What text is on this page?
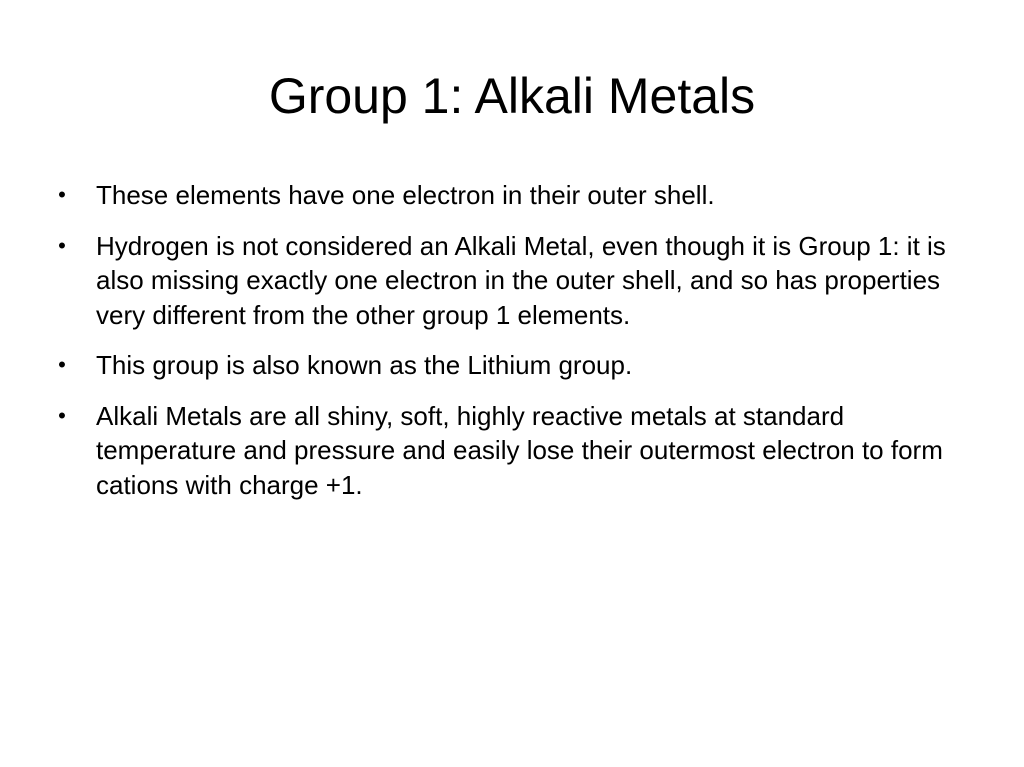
Group 1: Alkali Metals
• These elements have one electron in their outer shell.
• Hydrogen is not considered an Alkali Metal, even though it is Group 1: it is also missing exactly one electron in the outer shell, and so has properties very different from the other group 1 elements.
• This group is also known as the Lithium group.
• Alkali Metals are all shiny, soft, highly reactive metals at standard temperature and pressure and easily lose their outermost electron to form cations with charge +1.
